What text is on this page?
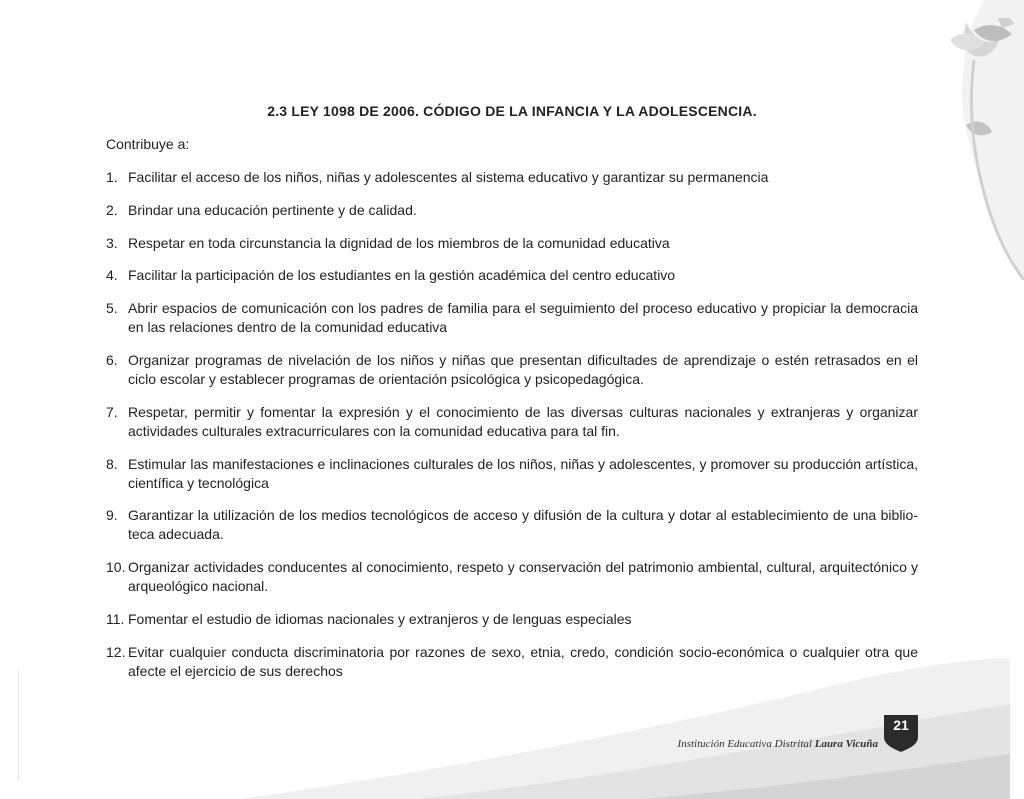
2.3 LEY 1098 DE 2006. CÓDIGO DE LA INFANCIA Y LA ADOLESCENCIA.
Contribuye a:
1. Facilitar el acceso de los niños, niñas y adolescentes al sistema educativo y garantizar su permanencia
2. Brindar una educación pertinente y de calidad.
3. Respetar en toda circunstancia la dignidad de los miembros de la comunidad educativa
4. Facilitar la participación de los estudiantes en la gestión académica del centro educativo
5. Abrir espacios de comunicación con los padres de familia para el seguimiento del proceso educativo y propiciar la democracia en las relaciones dentro de la comunidad educativa
6. Organizar programas de nivelación de los niños y niñas que presentan dificultades de aprendizaje o estén retrasados en el ciclo escolar y establecer programas de orientación psicológica y psicopedagógica.
7. Respetar, permitir y fomentar la expresión y el conocimiento de las diversas culturas nacionales y extranjeras y organizar actividades culturales extracurriculares con la comunidad educativa para tal fin.
8. Estimular las manifestaciones e inclinaciones culturales de los niños, niñas y adolescentes, y promover su producción artística, científica y tecnológica
9. Garantizar la utilización de los medios tecnológicos de acceso y difusión de la cultura y dotar al establecimiento de una biblio-teca adecuada.
10. Organizar actividades conducentes al conocimiento, respeto y conservación del patrimonio ambiental, cultural, arquitectónico y arqueológico nacional.
11. Fomentar el estudio de idiomas nacionales y extranjeros y de lenguas especiales
12. Evitar cualquier conducta discriminatoria por razones de sexo, etnia, credo, condición socio-económica o cualquier otra que afecte el ejercicio de sus derechos
Institución Educativa Distrital Laura Vicuña
21
